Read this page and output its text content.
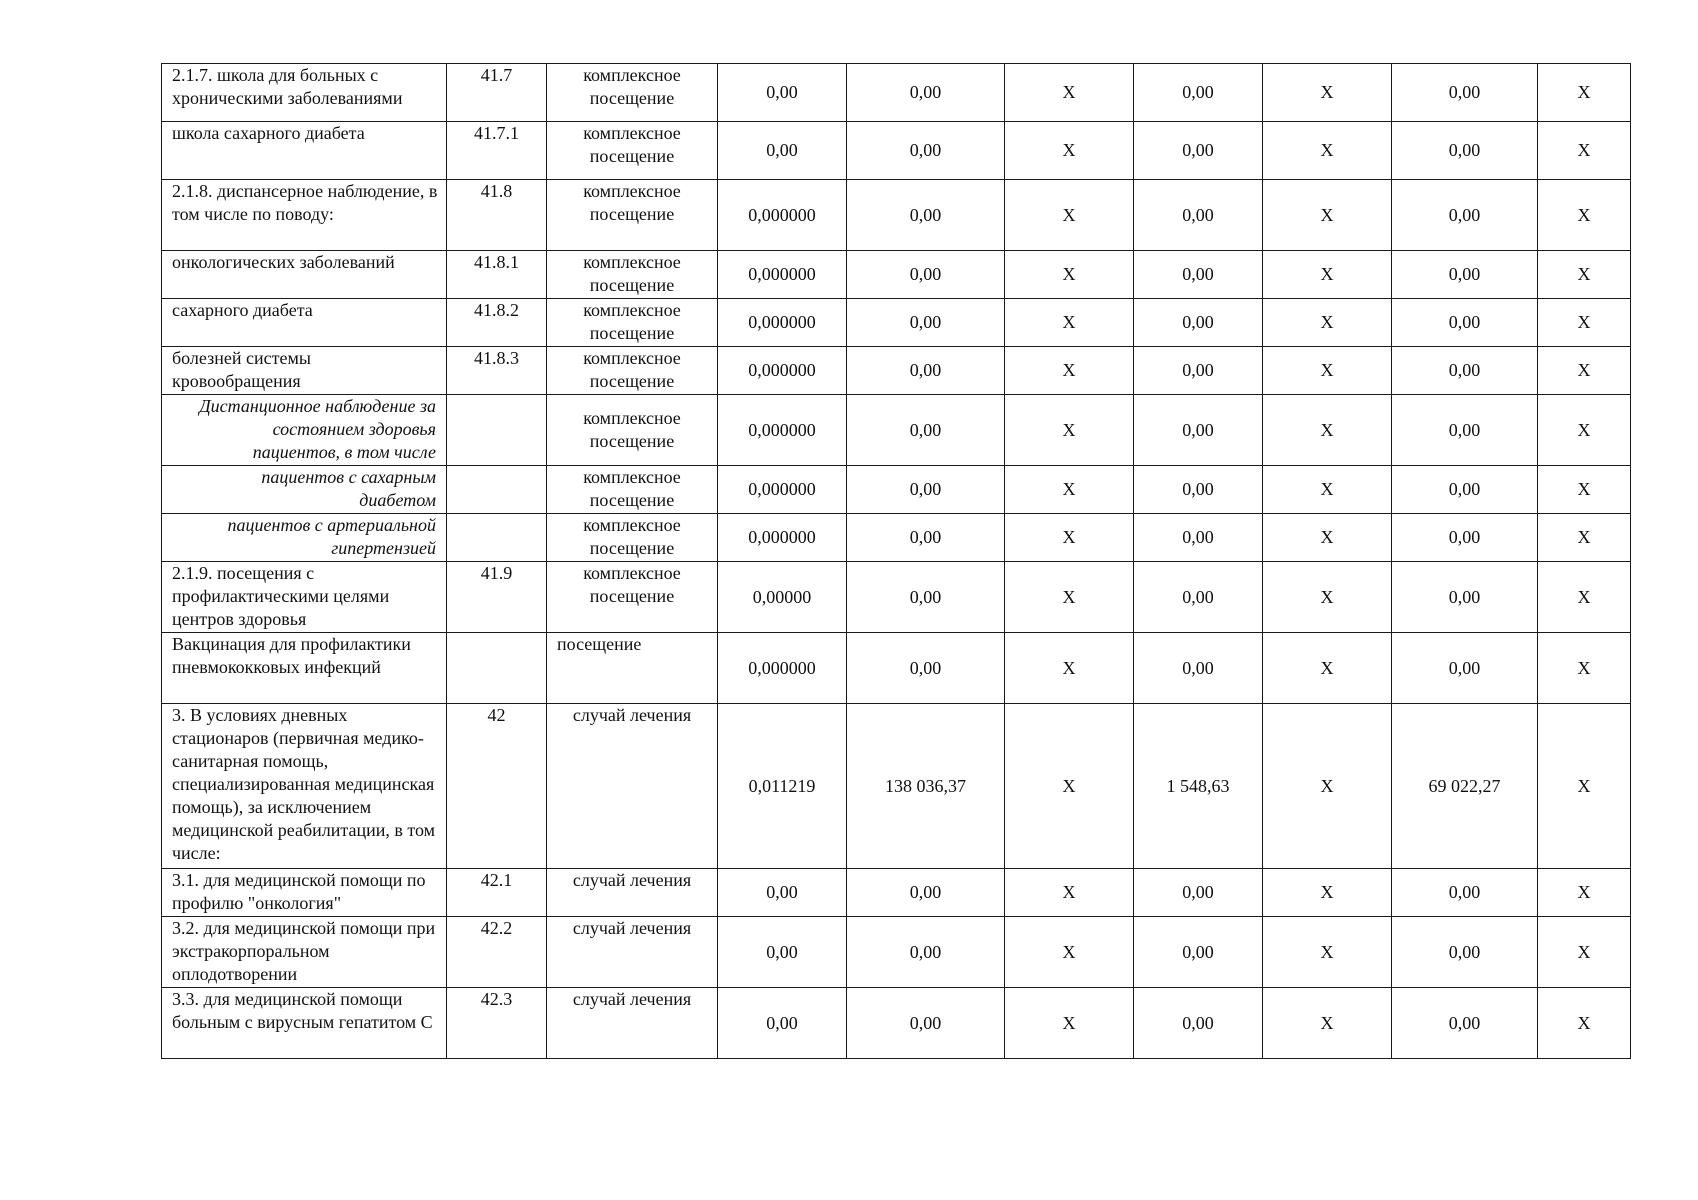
2.1.7. школа для больных с хроническими заболеваниями	41.7	комплексное посещение	0,00	0,00	X	0,00	X	0,00	X
школа сахарного диабета	41.7.1	комплексное посещение	0,00	0,00	X	0,00	X	0,00	X
2.1.8. диспансерное наблюдение, в том числе по поводу:	41.8	комплексное посещение	0,000000	0,00	X	0,00	X	0,00	X
онкологических заболеваний	41.8.1	комплексное посещение	0,000000	0,00	X	0,00	X	0,00	X
сахарного диабета	41.8.2	комплексное посещение	0,000000	0,00	X	0,00	X	0,00	X
болезней системы кровообращения	41.8.3	комплексное посещение	0,000000	0,00	X	0,00	X	0,00	X
Дистанционное наблюдение за состоянием здоровья пациентов, в том числе		комплексное посещение	0,000000	0,00	X	0,00	X	0,00	X
пациентов с сахарным диабетом		комплексное посещение	0,000000	0,00	X	0,00	X	0,00	X
пациентов с артериальной гипертензией		комплексное посещение	0,000000	0,00	X	0,00	X	0,00	X
2.1.9. посещения с профилактическими целями центров здоровья	41.9	комплексное посещение	0,00000	0,00	X	0,00	X	0,00	X
Вакцинация для профилактики пневмококковых инфекций		посещение	0,000000	0,00	X	0,00	X	0,00	X
3. В условиях дневных стационаров (первичная медико-санитарная помощь, специализированная медицинская помощь), за исключением медицинской реабилитации, в том числе:	42	случай лечения	0,011219	138 036,37	X	1 548,63	X	69 022,27	X
3.1. для медицинской помощи по профилю "онкология"	42.1	случай лечения	0,00	0,00	X	0,00	X	0,00	X
3.2. для медицинской помощи при экстракорпоральном оплодотворении	42.2	случай лечения	0,00	0,00	X	0,00	X	0,00	X
3.3. для медицинской помощи больным с вирусным гепатитом С	42.3	случай лечения	0,00	0,00	X	0,00	X	0,00	X
